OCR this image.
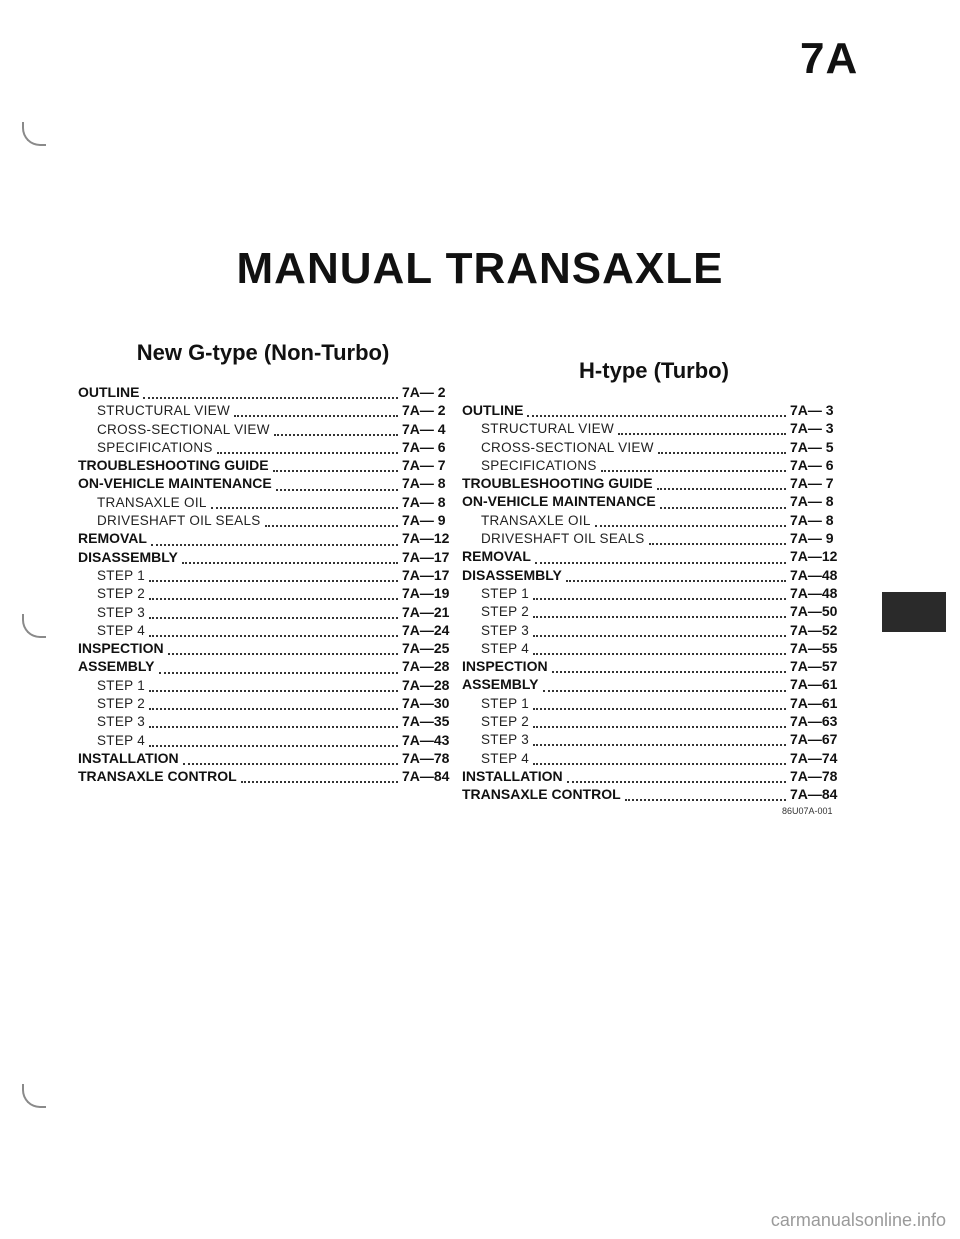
7A
MANUAL TRANSAXLE
New G-type (Non-Turbo)
OUTLINE	7A— 2
STRUCTURAL VIEW	7A— 2
CROSS-SECTIONAL VIEW	7A— 4
SPECIFICATIONS	7A— 6
TROUBLESHOOTING GUIDE	7A— 7
ON-VEHICLE MAINTENANCE	7A— 8
TRANSAXLE OIL	7A— 8
DRIVESHAFT OIL SEALS	7A— 9
REMOVAL	7A—12
DISASSEMBLY	7A—17
STEP 1	7A—17
STEP 2	7A—19
STEP 3	7A—21
STEP 4	7A—24
INSPECTION	7A—25
ASSEMBLY	7A—28
STEP 1	7A—28
STEP 2	7A—30
STEP 3	7A—35
STEP 4	7A—43
INSTALLATION	7A—78
TRANSAXLE CONTROL	7A—84
H-type (Turbo)
OUTLINE	7A— 3
STRUCTURAL VIEW	7A— 3
CROSS-SECTIONAL VIEW	7A— 5
SPECIFICATIONS	7A— 6
TROUBLESHOOTING GUIDE	7A— 7
ON-VEHICLE MAINTENANCE	7A— 8
TRANSAXLE OIL	7A— 8
DRIVESHAFT OIL SEALS	7A— 9
REMOVAL	7A—12
DISASSEMBLY	7A—48
STEP 1	7A—48
STEP 2	7A—50
STEP 3	7A—52
STEP 4	7A—55
INSPECTION	7A—57
ASSEMBLY	7A—61
STEP 1	7A—61
STEP 2	7A—63
STEP 3	7A—67
STEP 4	7A—74
INSTALLATION	7A—78
TRANSAXLE CONTROL	7A—84
86U07A-001
carmanualsonline.info
